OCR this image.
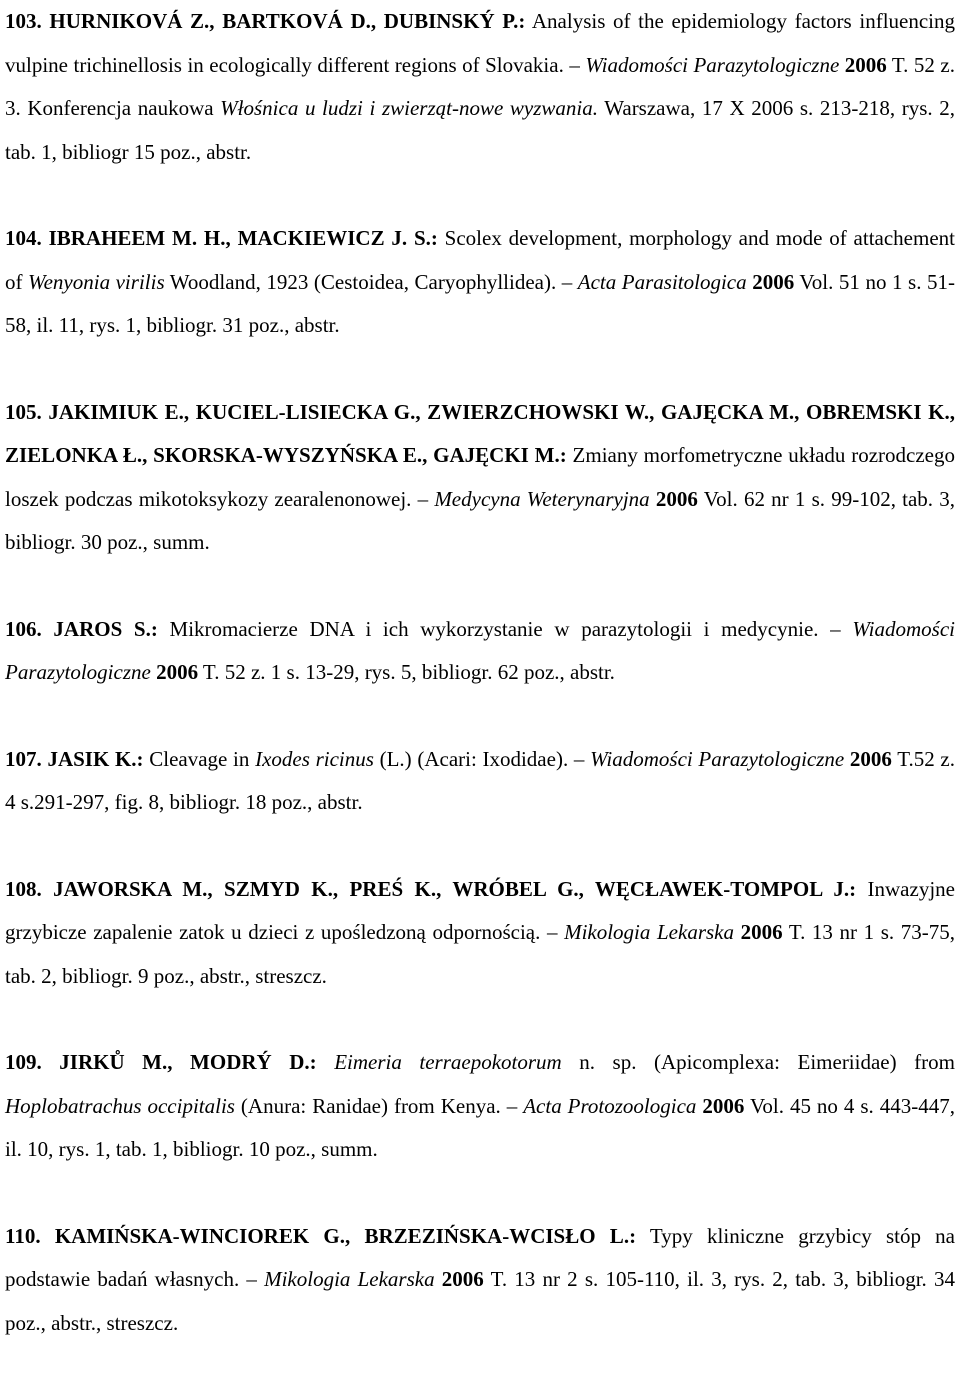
103. HURNIKOVÁ Z., BARTKOVÁ D., DUBINSKÝ P.: Analysis of the epidemiology factors influencing vulpine trichinellosis in ecologically different regions of Slovakia. – Wiadomości Parazytologiczne 2006 T. 52 z. 3. Konferencja naukowa Włośnica u ludzi i zwierząt-nowe wyzwania. Warszawa, 17 X 2006 s. 213-218, rys. 2, tab. 1, bibliogr 15 poz., abstr.

104. IBRAHEEM M. H., MACKIEWICZ J. S.: Scolex development, morphology and mode of attachement of Wenyonia virilis Woodland, 1923 (Cestoidea, Caryophyllidea). – Acta Parasitologica 2006 Vol. 51 no 1 s. 51-58, il. 11, rys. 1, bibliogr. 31 poz., abstr.

105. JAKIMIUK E., KUCIEL-LISIECKA G., ZWIERZCHOWSKI W., GAJĘCKA M., OBREMSKI K., ZIELONKA Ł., SKORSKA-WYSZYŃSKA E., GAJĘCKI M.: Zmiany morfometryczne układu rozrodczego loszek podczas mikotoksykozy zearalenonowej. – Medycyna Weterynaryjna 2006 Vol. 62 nr 1 s. 99-102, tab. 3, bibliogr. 30 poz., summ.

106. JAROS S.: Mikromacierze DNA i ich wykorzystanie w parazytologii i medycynie. – Wiadomości Parazytologiczne 2006 T. 52 z. 1 s. 13-29, rys. 5, bibliogr. 62 poz., abstr.

107. JASIK K.: Cleavage in Ixodes ricinus (L.) (Acari: Ixodidae). – Wiadomości Parazytologiczne 2006 T.52 z. 4 s.291-297, fig. 8, bibliogr. 18 poz., abstr.

108. JAWORSKA M., SZMYD K., PREŚ K., WRÓBEL G., WĘCŁAWEK-TOMPOL J.: Inwazyjne grzybicze zapalenie zatok u dzieci z upośledzoną odpornością. – Mikologia Lekarska 2006 T. 13 nr 1 s. 73-75, tab. 2, bibliogr. 9 poz., abstr., streszcz.

109. JIRKŮ M., MODRÝ D.: Eimeria terraepokotorum n. sp. (Apicomplexa: Eimeriidae) from Hoplobatrachus occipitalis (Anura: Ranidae) from Kenya. – Acta Protozoologica 2006 Vol. 45 no 4 s. 443-447, il. 10, rys. 1, tab. 1, bibliogr. 10 poz., summ.

110. KAMIŃSKA-WINCIOREK G., BRZEZIŃSKA-WCISŁO L.: Typy kliniczne grzybicy stóp na podstawie badań własnych. – Mikologia Lekarska 2006 T. 13 nr 2 s. 105-110, il. 3, rys. 2, tab. 3, bibliogr. 34 poz., abstr., streszcz.
